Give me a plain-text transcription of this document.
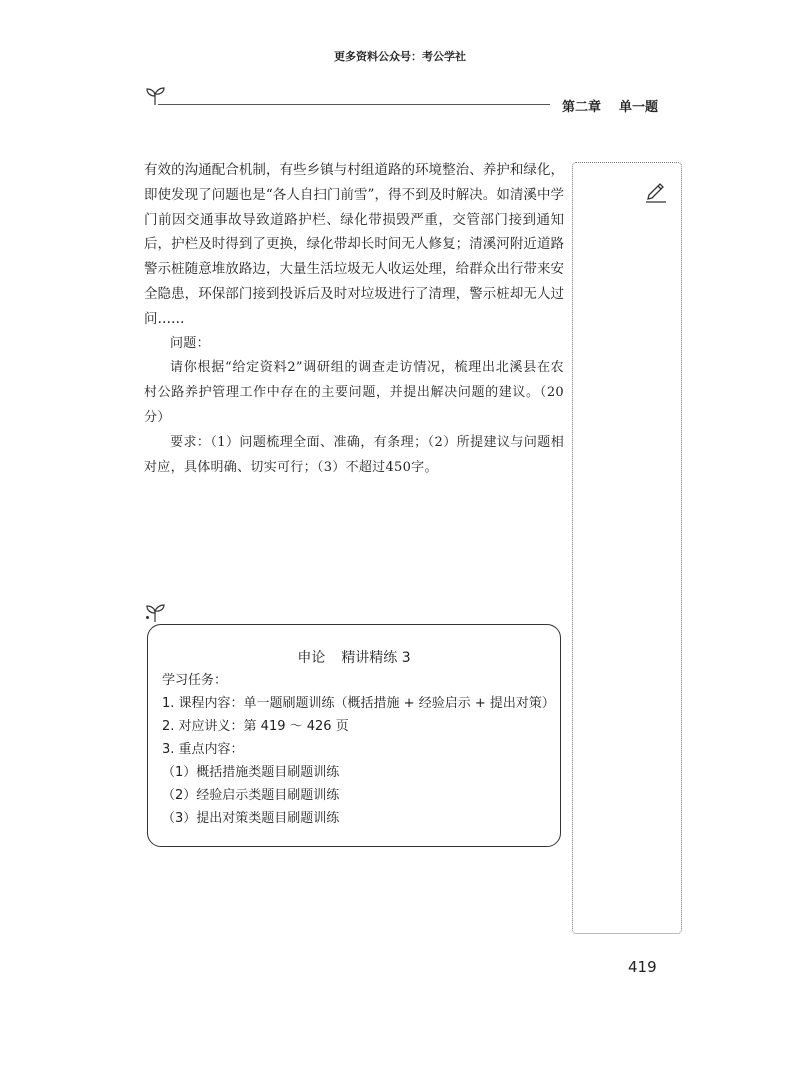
更多资料公众号：考公学社
第二章 单一题

有效的沟通配合机制，有些乡镇与村组道路的环境整治、养护和绿化，即使发现了问题也是“各人自扫门前雪”，得不到及时解决。如清溪中学门前因交通事故导致道路护栏、绿化带损毁严重，交管部门接到通知后，护栏及时得到了更换，绿化带却长时间无人修复；清溪河附近道路警示桩随意堆放路边，大量生活垃圾无人收运处理，给群众出行带来安全隐患，环保部门接到投诉后及时对垃圾进行了清理，警示桩却无人过问……

问题：

请你根据“给定资料2”调研组的调查走访情况，梳理出北溪县在农村公路养护管理工作中存在的主要问题，并提出解决问题的建议。（20分）

要求：（1）问题梳理全面、准确，有条理；（2）所提建议与问题相对应，具体明确、切实可行；（3）不超过450字。

申论 精讲精练 3
学习任务：
1. 课程内容：单一题刷题训练（概括措施 + 经验启示 + 提出对策）
2. 对应讲义：第 419 ～ 426 页
3. 重点内容：
（1）概括措施类题目刷题训练
（2）经验启示类题目刷题训练
（3）提出对策类题目刷题训练
419
